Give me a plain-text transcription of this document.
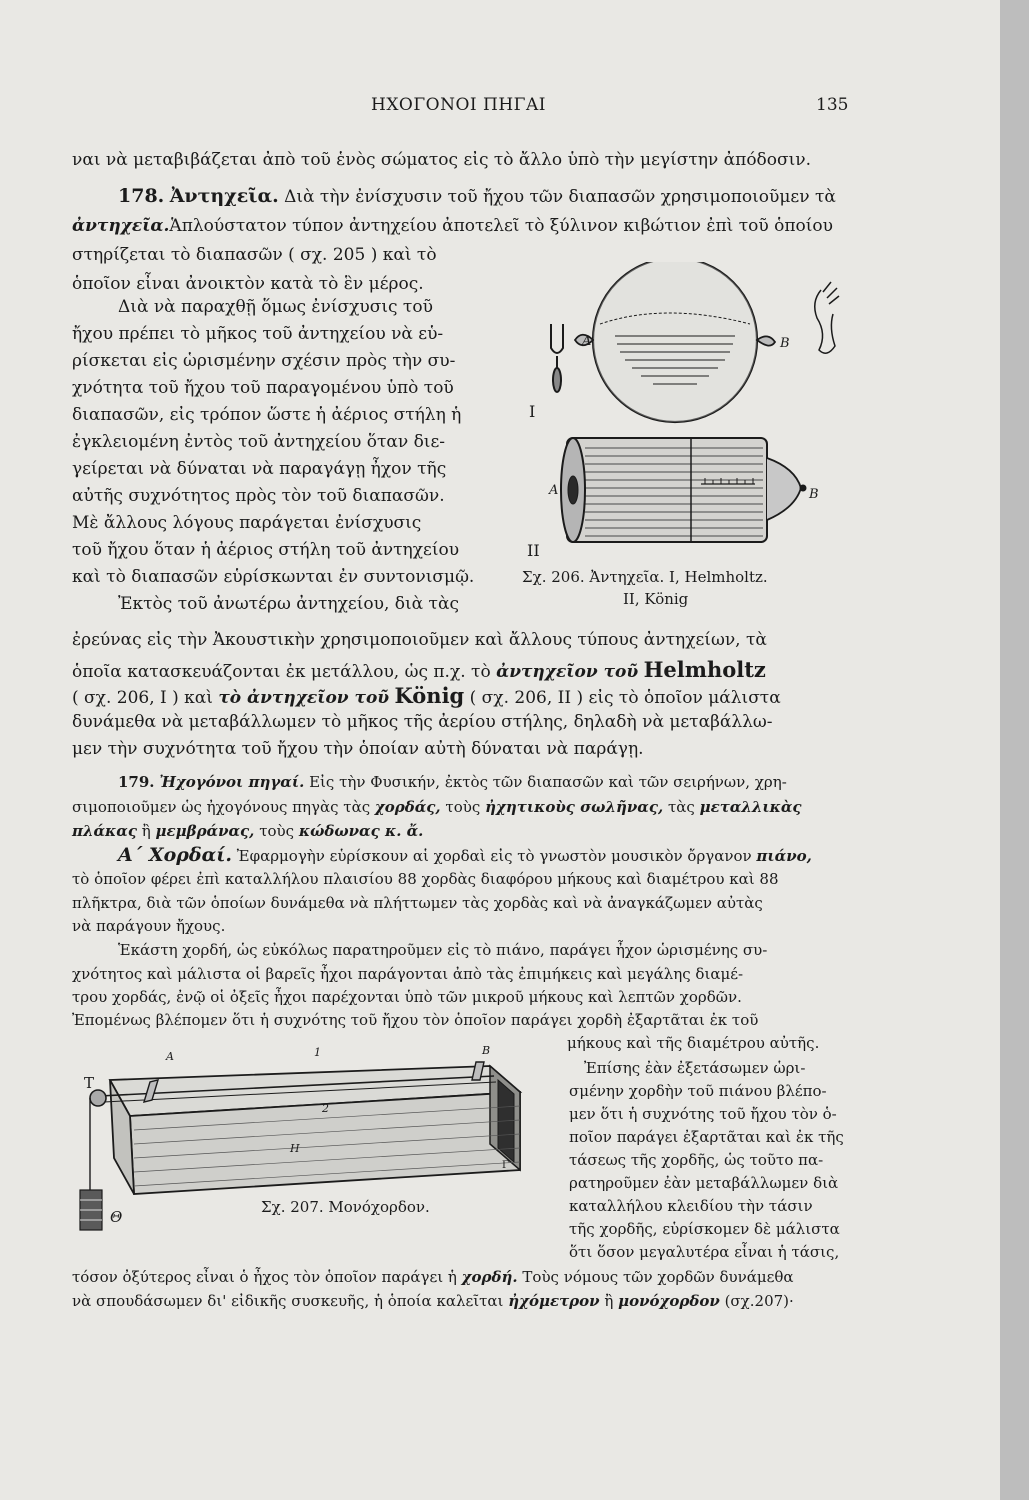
ΗΧΟΓΟΝΟΙ ΠΗΓΑΙ	135
ναι νὰ μεταβιβάζεται ἀπὸ τοῦ ἑνὸς σώματος εἰς τὸ ἄλλο ὑπὸ τὴν μεγίστην ἀπόδοσιν.
178. Ἀντηχεῖα. Διὰ τὴν ἐνίσχυσιν τοῦ ἤχου τῶν διαπασῶν χρησιμοποιοῦμεν τὰ
ἀντηχεῖα.Ἁπλούστατον τύπον ἀντηχείου ἀποτελεῖ τὸ ξύλινον κιβώτιον ἐπὶ τοῦ ὁποίου
στηρίζεται τὸ διαπασῶν ( σχ. 205 ) καὶ τὸ
ὁποῖον εἶναι ἀνοικτὸν κατὰ τὸ ἓν μέρος.
Διὰ νὰ παραχθῇ ὅμως ἐνίσχυσις τοῦ
ἤχου πρέπει τὸ μῆκος τοῦ ἀντηχείου νὰ εὑ-
ρίσκεται εἰς ὡρισμένην σχέσιν πρὸς τὴν συ-
χνότητα τοῦ ἤχου τοῦ παραγομένου ὑπὸ τοῦ
διαπασῶν, εἰς τρόπον ὥστε ἡ ἀέριος στήλη ἡ
ἐγκλειομένη ἐντὸς τοῦ ἀντηχείου ὅταν διε-
γείρεται νὰ δύναται νὰ παραγάγῃ ἦχον τῆς
αὐτῆς συχνότητος πρὸς τὸν τοῦ διαπασῶν.
Μὲ ἄλλους λόγους παράγεται ἐνίσχυσις
τοῦ ἤχου ὅταν ἡ ἀέριος στήλη τοῦ ἀντηχείου
καὶ τὸ διαπασῶν εὑρίσκωνται ἐν συντονισμῷ.
Ἐκτὸς τοῦ ἀνωτέρω ἀντηχείου, διὰ τὰς
A	B
I
A	B
II
Σχ. 206. Ἀντηχεῖα. I, Helmholtz.
II, König
ἐρεύνας εἰς τὴν Ἀκουστικὴν χρησιμοποιοῦμεν καὶ ἄλλους τύπους ἀντηχείων, τὰ
ὁποῖα κατασκευάζονται ἐκ μετάλλου, ὡς π.χ. τὸ ἀντηχεῖον τοῦ Helmholtz
( σχ. 206, I ) καὶ τὸ ἀντηχεῖον τοῦ König ( σχ. 206, II ) εἰς τὸ ὁποῖον μάλιστα
δυνάμεθα νὰ μεταβάλλωμεν τὸ μῆκος τῆς ἀερίου στήλης, δηλαδὴ νὰ μεταβάλλω-
μεν τὴν συχνότητα τοῦ ἤχου τὴν ὁποίαν αὐτὴ δύναται νὰ παράγῃ.
179. Ἠχογόνοι πηγαί. Εἰς τὴν Φυσικήν, ἐκτὸς τῶν διαπασῶν καὶ τῶν σειρήνων, χρη-
σιμοποιοῦμεν ὡς ἠχογόνους πηγὰς τὰς χορδάς, τοὺς ἠχητικοὺς σωλῆνας, τὰς μεταλλικὰς
πλάκας ἢ μεμβράνας, τοὺς κώδωνας κ. ἄ.
Α΄ Χορδαί. Ἐφαρμογὴν εὑρίσκουν αἱ χορδαὶ εἰς τὸ γνωστὸν μουσικὸν ὄργανον πιάνο,
τὸ ὁποῖον φέρει ἐπὶ καταλλήλου πλαισίου 88 χορδὰς διαφόρου μήκους καὶ διαμέτρου καὶ 88
πλῆκτρα, διὰ τῶν ὁποίων δυνάμεθα νὰ πλήττωμεν τὰς χορδὰς καὶ νὰ ἀναγκάζωμεν αὐτὰς
νὰ παράγουν ἤχους.
Ἑκάστη χορδή, ὡς εὐκόλως παρατηροῦμεν εἰς τὸ πιάνο, παράγει ἦχον ὡρισμένης συ-
χνότητος καὶ μάλιστα οἱ βαρεῖς ἦχοι παράγονται ἀπὸ τὰς ἐπιμήκεις καὶ μεγάλης διαμέ-
τρου χορδάς, ἐνῷ οἱ ὀξεῖς ἦχοι παρέχονται ὑπὸ τῶν μικροῦ μήκους καὶ λεπτῶν χορδῶν.
Ἐπομένως βλέπομεν ὅτι ἡ συχνότης τοῦ ἤχου τὸν ὁποῖον παράγει χορδὴ ἐξαρτᾶται ἐκ τοῦ
μήκους καὶ τῆς διαμέτρου αὐτῆς.
Ἐπίσης ἐὰν ἐξετάσωμεν ὡρι-
σμένην χορδὴν τοῦ πιάνου βλέπο-
μεν ὅτι ἡ συχνότης τοῦ ἤχου τὸν ὁ-
ποῖον παράγει ἐξαρτᾶται καὶ ἐκ τῆς
τάσεως τῆς χορδῆς, ὡς τοῦτο πα-
ρατηροῦμεν ἐὰν μεταβάλλωμεν διὰ
καταλλήλου κλειδίου τὴν τάσιν
τῆς χορδῆς, εὑρίσκομεν δὲ μάλιστα
ὅτι ὅσον μεγαλυτέρα εἶναι ἡ τάσις,
A	1	B
T
2
H
Γ
Θ
Σχ. 207. Μονόχορδον.
τόσον ὀξύτερος εἶναι ὁ ἦχος τὸν ὁποῖον παράγει ἡ χορδή. Τοὺς νόμους τῶν χορδῶν δυνάμεθα
νὰ σπουδάσωμεν δι' εἰδικῆς συσκευῆς, ἡ ὁποία καλεῖται ἠχόμετρον ἢ μονόχορδον (σχ.207)·
